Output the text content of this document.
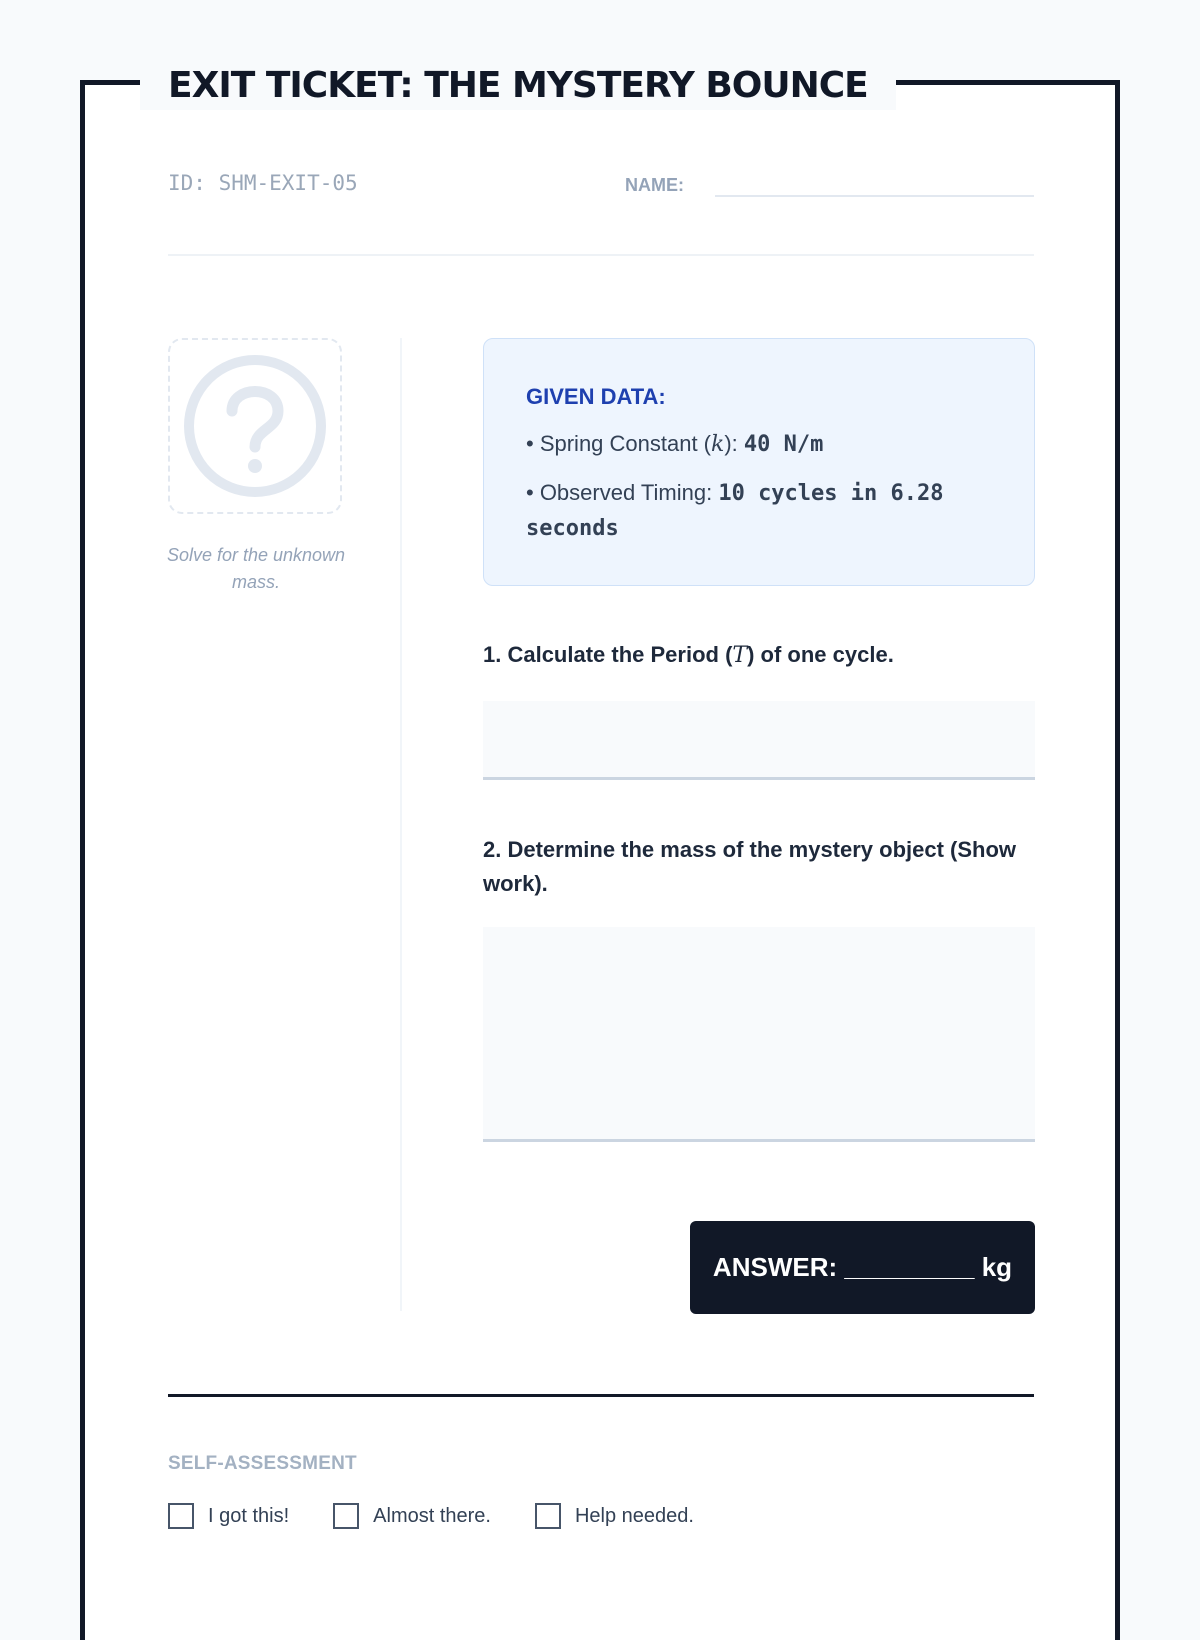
EXIT TICKET: THE MYSTERY BOUNCE
ID: SHM-EXIT-05	NAME:
Solve for the unknown mass.
GIVEN DATA:
• Spring Constant (k): 40 N/m
• Observed Timing: 10 cycles in 6.28 seconds
1. Calculate the Period (T) of one cycle.
2. Determine the mass of the mystery object (Show work).
ANSWER: _________ kg
SELF-ASSESSMENT
I got this!	Almost there.	Help needed.
